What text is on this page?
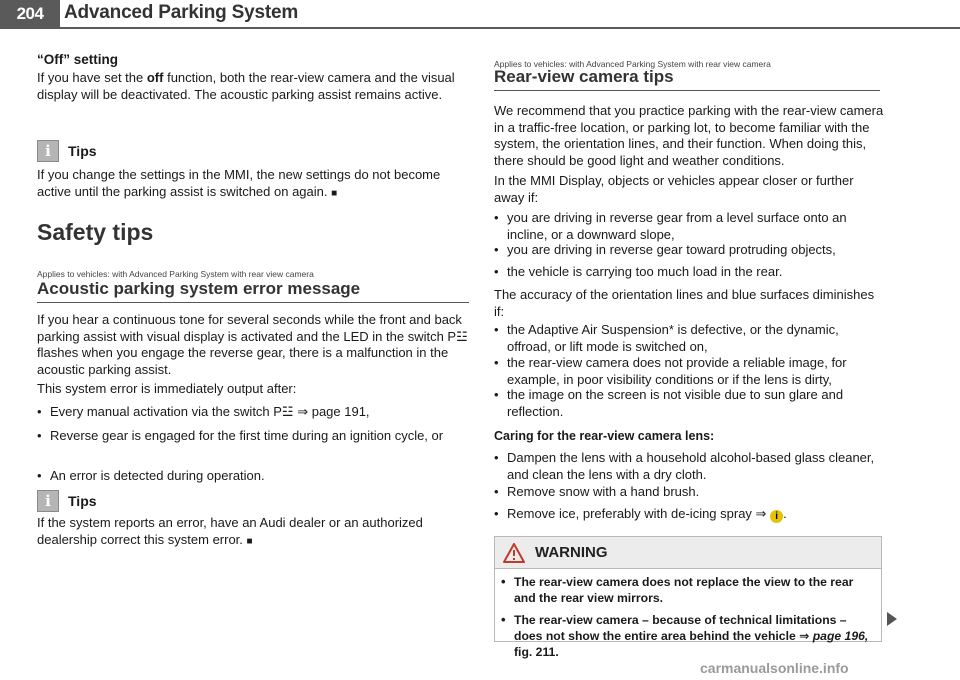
204	Advanced Parking System

“Off” setting

If you have set the off function, both the rear-view camera and the visual display will be deactivated. The acoustic parking assist remains active.

i	Tips

If you change the settings in the MMI, the new settings do not become active until the parking assist is switched on again. ■

Safety tips

Applies to vehicles: with Advanced Parking System with rear view camera

Acoustic parking system error message

If you hear a continuous tone for several seconds while the front and back parking assist with visual display is activated and the LED in the switch P☳ flashes when you engage the reverse gear, there is a malfunction in the acoustic parking assist.

This system error is immediately output after:

• Every manual activation via the switch P☳ ⇒ page 191,

• Reverse gear is engaged for the first time during an ignition cycle, or

• An error is detected during operation.

i	Tips

If the system reports an error, have an Audi dealer or an authorized dealership correct this system error. ■

Applies to vehicles: with Advanced Parking System with rear view camera

Rear-view camera tips

We recommend that you practice parking with the rear-view camera in a traffic-free location, or parking lot, to become familiar with the system, the orientation lines, and their function. When doing this, there should be good light and weather conditions.

In the MMI Display, objects or vehicles appear closer or further away if:

• you are driving in reverse gear from a level surface onto an incline, or a downward slope,

• you are driving in reverse gear toward protruding objects,

• the vehicle is carrying too much load in the rear.

The accuracy of the orientation lines and blue surfaces diminishes if:

• the Adaptive Air Suspension* is defective, or the dynamic, offroad, or lift mode is switched on,

• the rear-view camera does not provide a reliable image, for example, in poor visibility conditions or if the lens is dirty,

• the image on the screen is not visible due to sun glare and reflection.

Caring for the rear-view camera lens:

• Dampen the lens with a household alcohol-based glass cleaner, and clean the lens with a dry cloth.

• Remove snow with a hand brush.

• Remove ice, preferably with de-icing spray ⇒ i .

WARNING

• The rear-view camera does not replace the view to the rear and the rear view mirrors.

• The rear-view camera – because of technical limitations – does not show the entire area behind the vehicle ⇒ page 196, fig. 211.

carmanualsonline.info
